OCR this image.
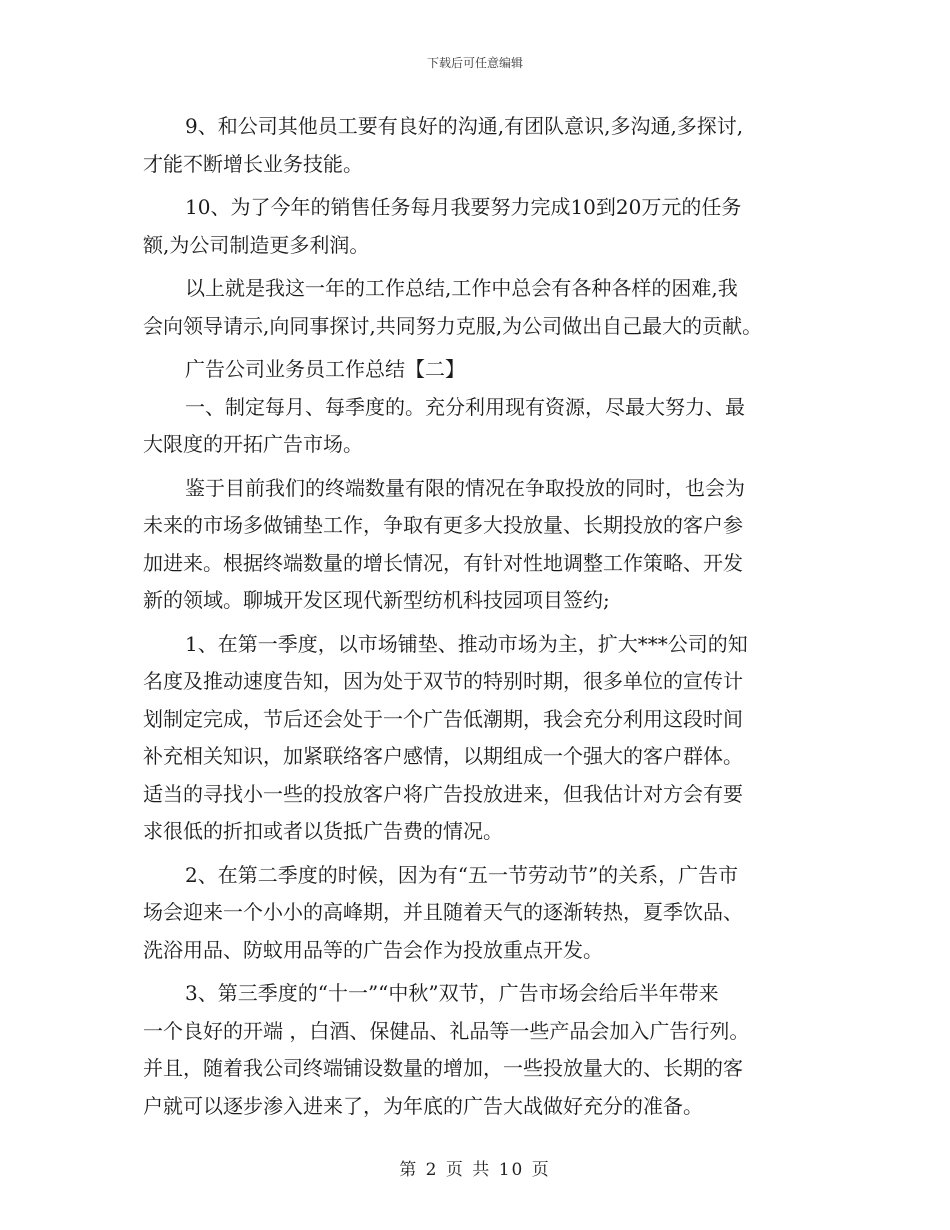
下载后可任意编辑

9、和公司其他员工要有良好的沟通,有团队意识,多沟通,多探讨,
才能不断增长业务技能。

10、为了今年的销售任务每月我要努力完成10到20万元的任务
额,为公司制造更多利润。

以上就是我这一年的工作总结,工作中总会有各种各样的困难,我
会向领导请示,向同事探讨,共同努力克服,为公司做出自己最大的贡献。

广告公司业务员工作总结【二】

一、制定每月、每季度的。充分利用现有资源，尽最大努力、最
大限度的开拓广告市场。

鉴于目前我们的终端数量有限的情况在争取投放的同时，也会为
未来的市场多做铺垫工作，争取有更多大投放量、长期投放的客户参
加进来。根据终端数量的增长情况，有针对性地调整工作策略、开发
新的领域。聊城开发区现代新型纺机科技园项目签约;

1、在第一季度，以市场铺垫、推动市场为主，扩大***公司的知
名度及推动速度告知，因为处于双节的特别时期，很多单位的宣传计
划制定完成，节后还会处于一个广告低潮期，我会充分利用这段时间
补充相关知识，加紧联络客户感情，以期组成一个强大的客户群体。
适当的寻找小一些的投放客户将广告投放进来，但我估计对方会有要
求很低的折扣或者以货抵广告费的情况。

2、在第二季度的时候，因为有“五一节劳动节”的关系，广告市
场会迎来一个小小的高峰期，并且随着天气的逐渐转热，夏季饮品、
洗浴用品、防蚊用品等的广告会作为投放重点开发。

3、第三季度的“十一”“中秋”双节，广告市场会给后半年带来
一个良好的开端 ，白酒、保健品、礼品等一些产品会加入广告行列。
并且，随着我公司终端铺设数量的增加，一些投放量大的、长期的客
户就可以逐步渗入进来了，为年底的广告大战做好充分的准备。

第 2 页 共 10 页
